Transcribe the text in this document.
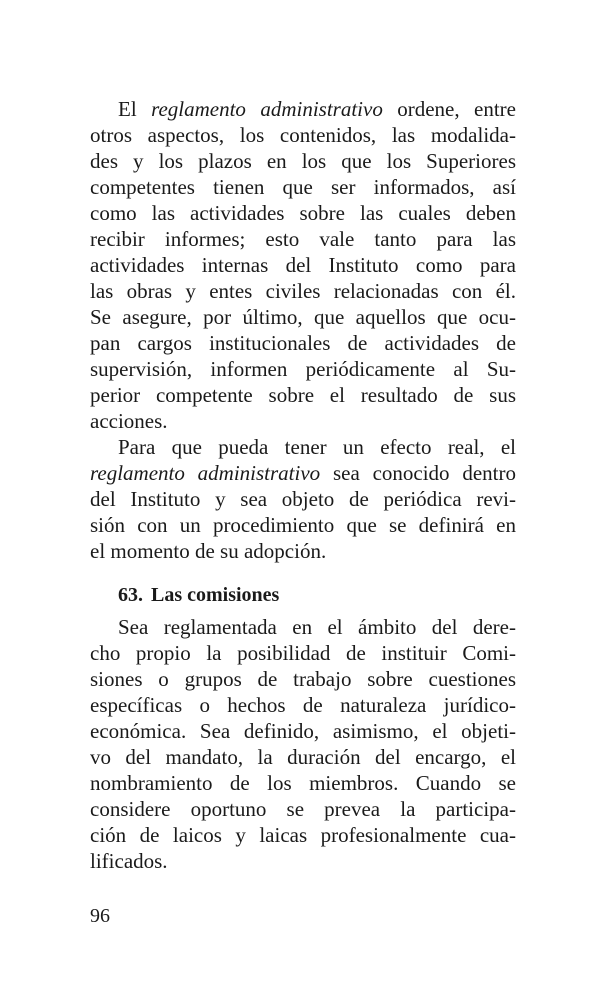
El reglamento administrativo ordene, entre
otros aspectos, los contenidos, las modalida-
des y los plazos en los que los Superiores
competentes tienen que ser informados, así
como las actividades sobre las cuales deben
recibir informes; esto vale tanto para las
actividades internas del Instituto como para
las obras y entes civiles relacionadas con él.
Se asegure, por último, que aquellos que ocu-
pan cargos institucionales de actividades de
supervisión, informen periódicamente al Su-
perior competente sobre el resultado de sus
acciones.
Para que pueda tener un efecto real, el
reglamento administrativo sea conocido dentro
del Instituto y sea objeto de periódica revi-
sión con un procedimiento que se definirá en
el momento de su adopción.
63. Las comisiones
Sea reglamentada en el ámbito del dere-
cho propio la posibilidad de instituir Comi-
siones o grupos de trabajo sobre cuestiones
específicas o hechos de naturaleza jurídico-
económica. Sea definido, asimismo, el objeti-
vo del mandato, la duración del encargo, el
nombramiento de los miembros. Cuando se
considere oportuno se prevea la participa-
ción de laicos y laicas profesionalmente cua-
lificados.
96
